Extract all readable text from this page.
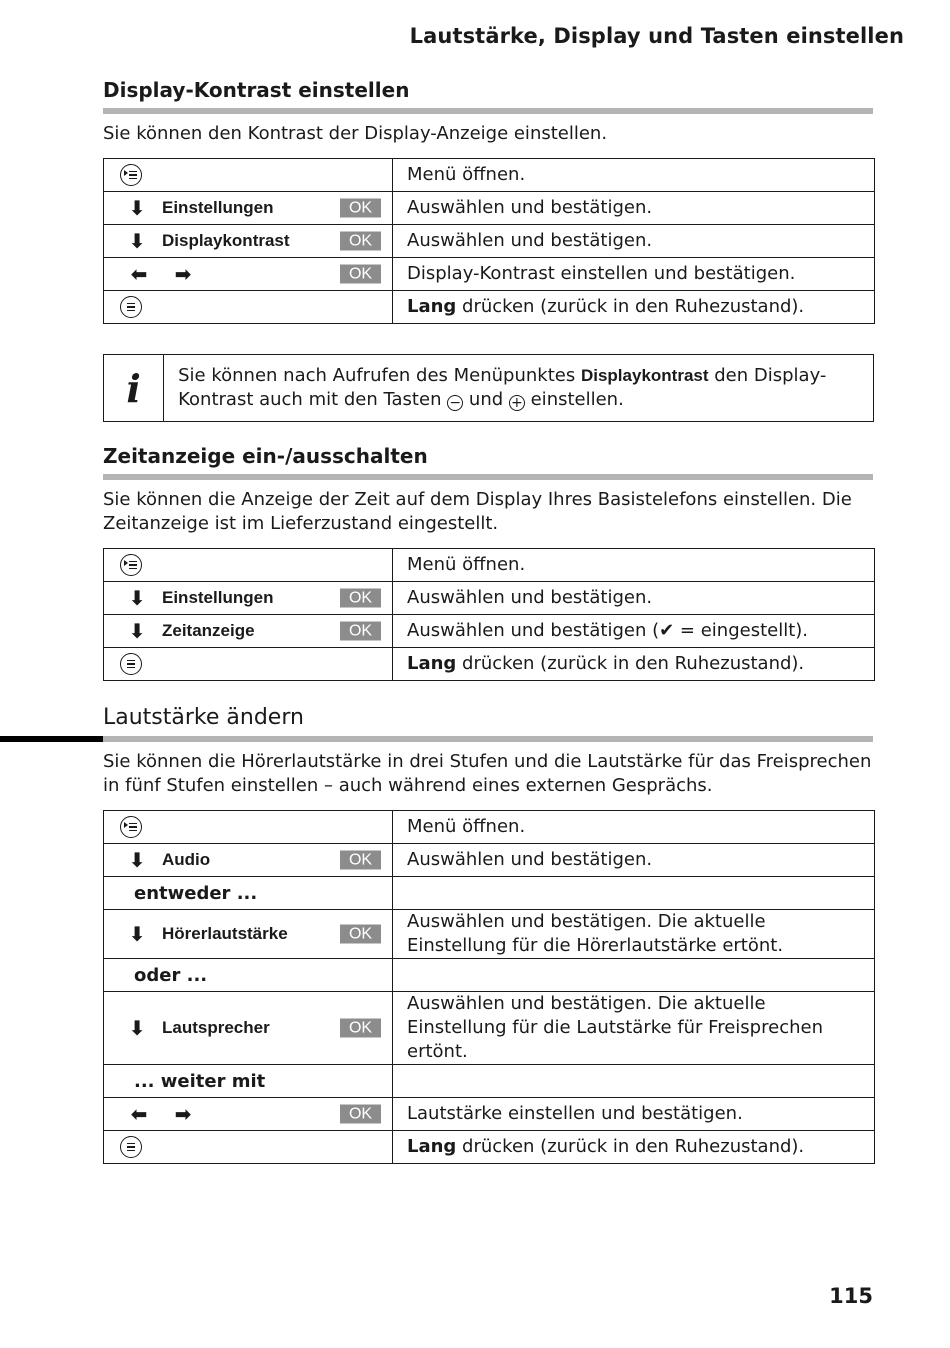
Lautstärke, Display und Tasten einstellen
Display-Kontrast einstellen
Sie können den Kontrast der Display-Anzeige einstellen.
	Menü öffnen.
⬇ Einstellungen OK	Auswählen und bestätigen.
⬇ Displaykontrast OK	Auswählen und bestätigen.
⬅ ➡ OK	Display-Kontrast einstellen und bestätigen.

	Lang drücken (zurück in den Ruhezustand).
i	Sie können nach Aufrufen des Menüpunktes Displaykontrast den Display-Kontrast auch mit den Tasten − und + einstellen.
Zeitanzeige ein-/ausschalten
Sie können die Anzeige der Zeit auf dem Display Ihres Basistelefons einstellen. Die Zeitanzeige ist im Lieferzustand eingestellt.
	Menü öffnen.
⬇ Einstellungen OK	Auswählen und bestätigen.
⬇ Zeitanzeige OK	Auswählen und bestätigen (✔ = eingestellt).

	Lang drücken (zurück in den Ruhezustand).
Lautstärke ändern
Sie können die Hörerlautstärke in drei Stufen und die Lautstärke für das Freisprechen in fünf Stufen einstellen – auch während eines externen Gesprächs.
	Menü öffnen.
⬇ Audio OK	Auswählen und bestätigen.
entweder ...	
⬇ Hörerlautstärke OK	Auswählen und bestätigen. Die aktuelle Einstellung für die Hörerlautstärke ertönt.
oder ...	
⬇ Lautsprecher OK	Auswählen und bestätigen. Die aktuelle Einstellung für die Lautstärke für Freisprechen ertönt.
... weiter mit	
⬅ ➡ OK	Lautstärke einstellen und bestätigen.

	Lang drücken (zurück in den Ruhezustand).
115
